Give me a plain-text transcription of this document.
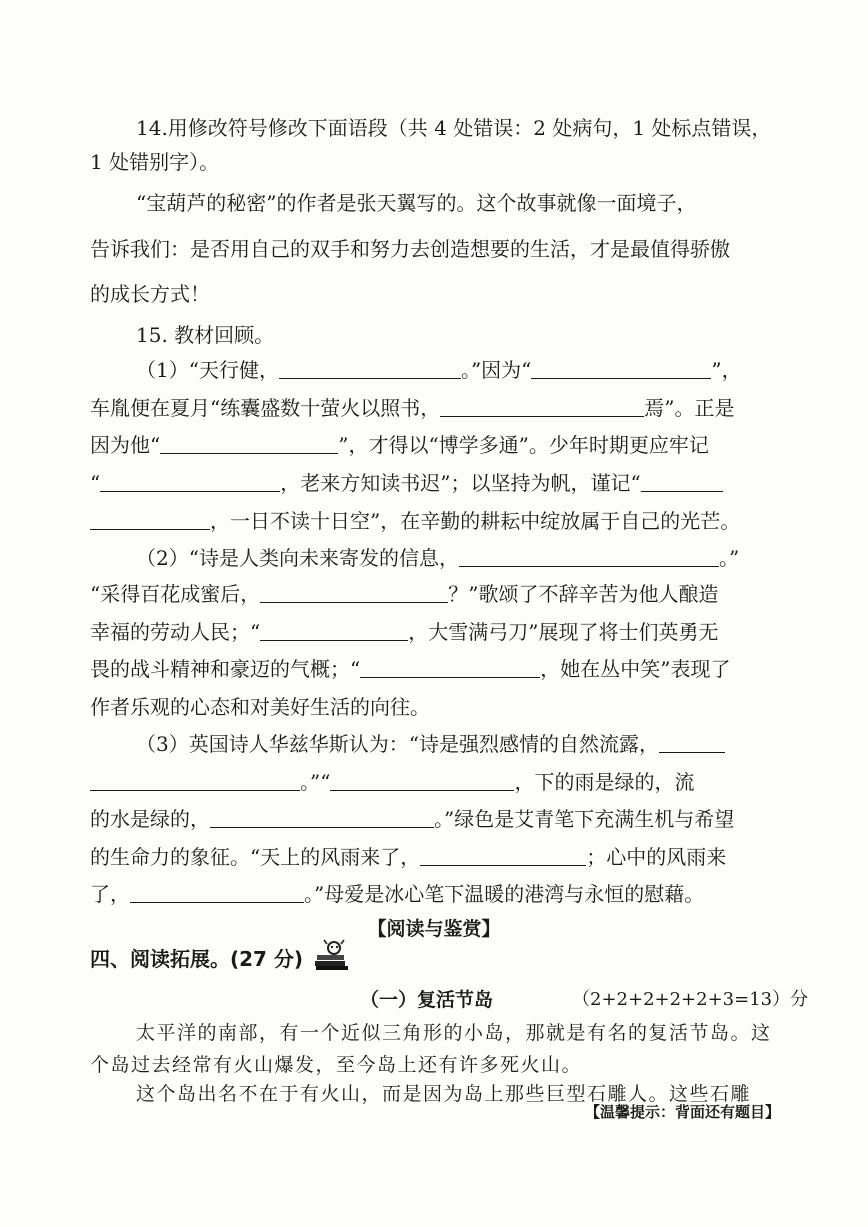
14.用修改符号修改下面语段（共 4 处错误：2 处病句，1 处标点错误，
1 处错别字）。
“宝葫芦的秘密”的作者是张天翼写的。这个故事就像一面境子，
告诉我们：是否用自己的双手和努力去创造想要的生活，才是最值得骄傲
的成长方式！
15. 教材回顾。
（1）“天行健，	。”因为“	”，
车胤便在夏月“练囊盛数十萤火以照书，	焉”。正是
因为他“	”，才得以“博学多通”。少年时期更应牢记
“	，老来方知读书迟”；以坚持为帆，谨记“
，一日不读十日空”，在辛勤的耕耘中绽放属于自己的光芒。
（2）“诗是人类向未来寄发的信息，	。”
“采得百花成蜜后，	？”歌颂了不辞辛苦为他人酿造
幸福的劳动人民；“	，大雪满弓刀”展现了将士们英勇无
畏的战斗精神和豪迈的气概；“	，她在丛中笑”表现了
作者乐观的心态和对美好生活的向往。
（3）英国诗人华兹华斯认为：“诗是强烈感情的自然流露，
。”“	，下的雨是绿的，流
的水是绿的，	。”绿色是艾青笔下充满生机与希望
的生命力的象征。“天上的风雨来了，	；心中的风雨来
了，	。”母爱是冰心笔下温暖的港湾与永恒的慰藉。
【阅读与鉴赏】
四、阅读拓展。(27 分)
（一）复活节岛	（2+2+2+2+2+3=13）分
太平洋的南部，有一个近似三角形的小岛，那就是有名的复活节岛。这
个岛过去经常有火山爆发，至今岛上还有许多死火山。
这个岛出名不在于有火山，而是因为岛上那些巨型石雕人。这些石雕
【温馨提示：背面还有题目】
